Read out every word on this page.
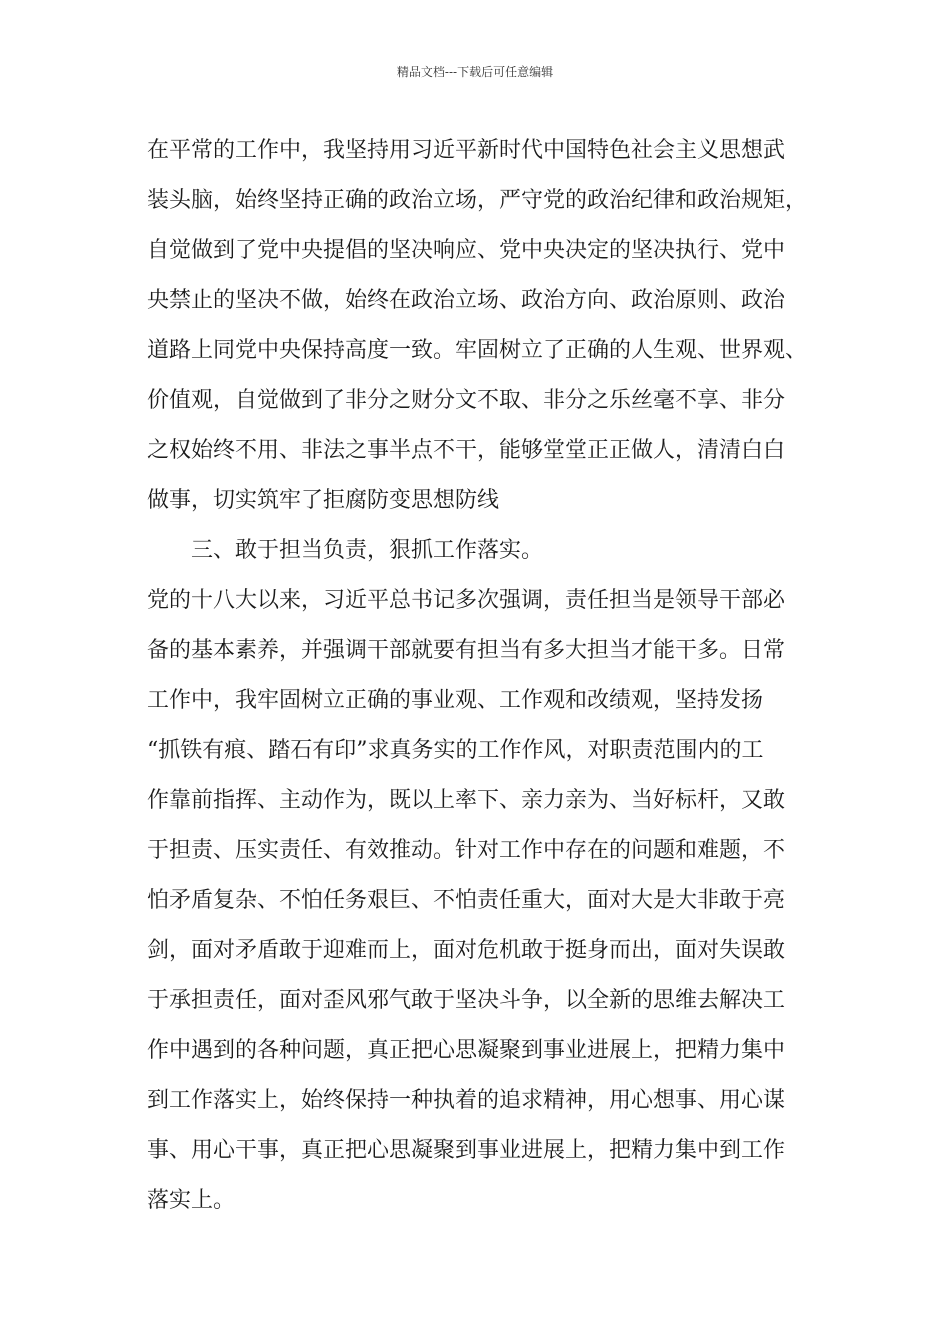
精品文档---下载后可任意编辑
在平常的工作中，我坚持用习近平新时代中国特色社会主义思想武
装头脑，始终坚持正确的政治立场，严守党的政治纪律和政治规矩，
自觉做到了党中央提倡的坚决响应、党中央决定的坚决执行、党中
央禁止的坚决不做，始终在政治立场、政治方向、政治原则、政治
道路上同党中央保持高度一致。牢固树立了正确的人生观、世界观、
价值观，自觉做到了非分之财分文不取、非分之乐丝毫不享、非分
之权始终不用、非法之事半点不干，能够堂堂正正做人，清清白白
做事，切实筑牢了拒腐防变思想防线
三、敢于担当负责，狠抓工作落实。
党的十八大以来，习近平总书记多次强调，责任担当是领导干部必
备的基本素养，并强调干部就要有担当有多大担当才能干多。日常
工作中，我牢固树立正确的事业观、工作观和改绩观，坚持发扬
“抓铁有痕、踏石有印”求真务实的工作作风，对职责范围内的工
作靠前指挥、主动作为，既以上率下、亲力亲为、当好标杆，又敢
于担责、压实责任、有效推动。针对工作中存在的问题和难题，不
怕矛盾复杂、不怕任务艰巨、不怕责任重大，面对大是大非敢于亮
剑，面对矛盾敢于迎难而上，面对危机敢于挺身而出，面对失误敢
于承担责任，面对歪风邪气敢于坚决斗争，以全新的思维去解决工
作中遇到的各种问题，真正把心思凝聚到事业进展上，把精力集中
到工作落实上，始终保持一种执着的追求精神，用心想事、用心谋
事、用心干事，真正把心思凝聚到事业进展上，把精力集中到工作
落实上。
